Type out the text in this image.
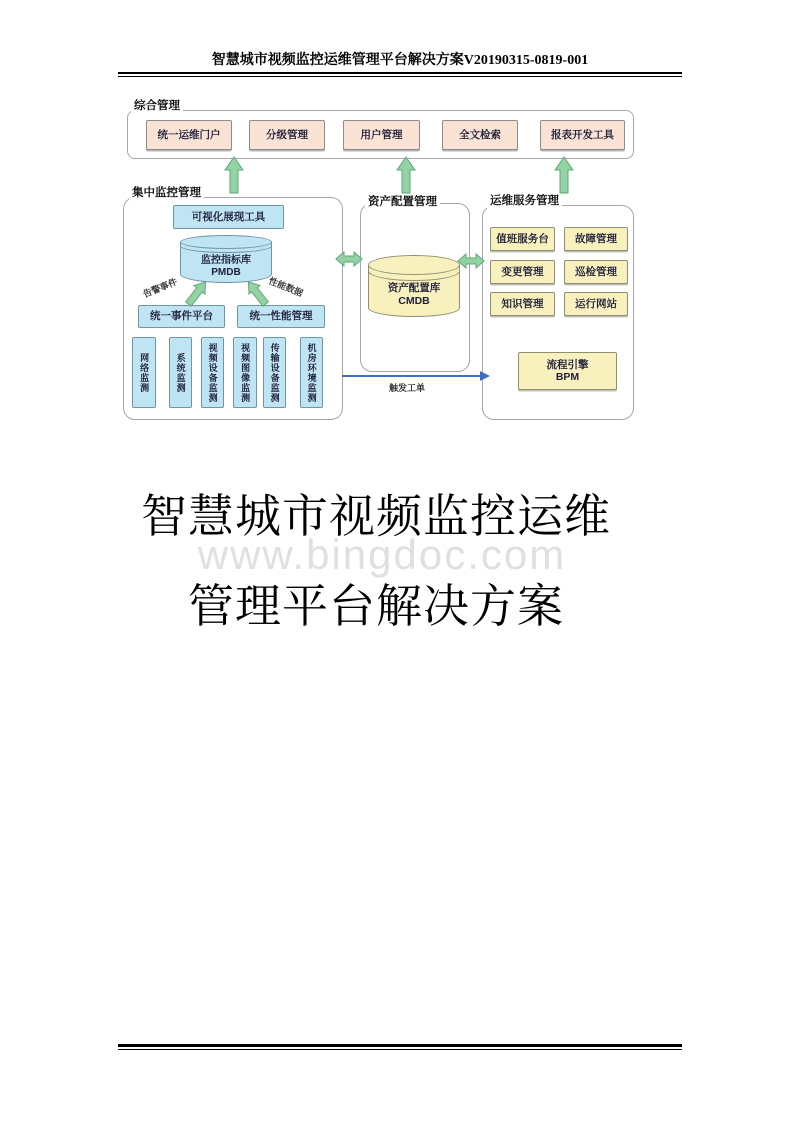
智慧城市视频监控运维管理平台解决方案V20190315-0819-001
综合管理
统一运维门户	分级管理	用户管理	全文检索	报表开发工具
集中监控管理
可视化展现工具
监控指标库
PMDB
告警事件	性能数据
统一事件平台	统一性能管理
网络监测	系统监测	视频设备监测	视频图像监测	传输设备监测	机房环境监测
资产配置管理
资产配置库
CMDB
运维服务管理
值班服务台	故障管理
变更管理	巡检管理
知识管理	运行网站
流程引擎
BPM
触发工单
www.bingdoc.com
智慧城市视频监控运维
管理平台解决方案
